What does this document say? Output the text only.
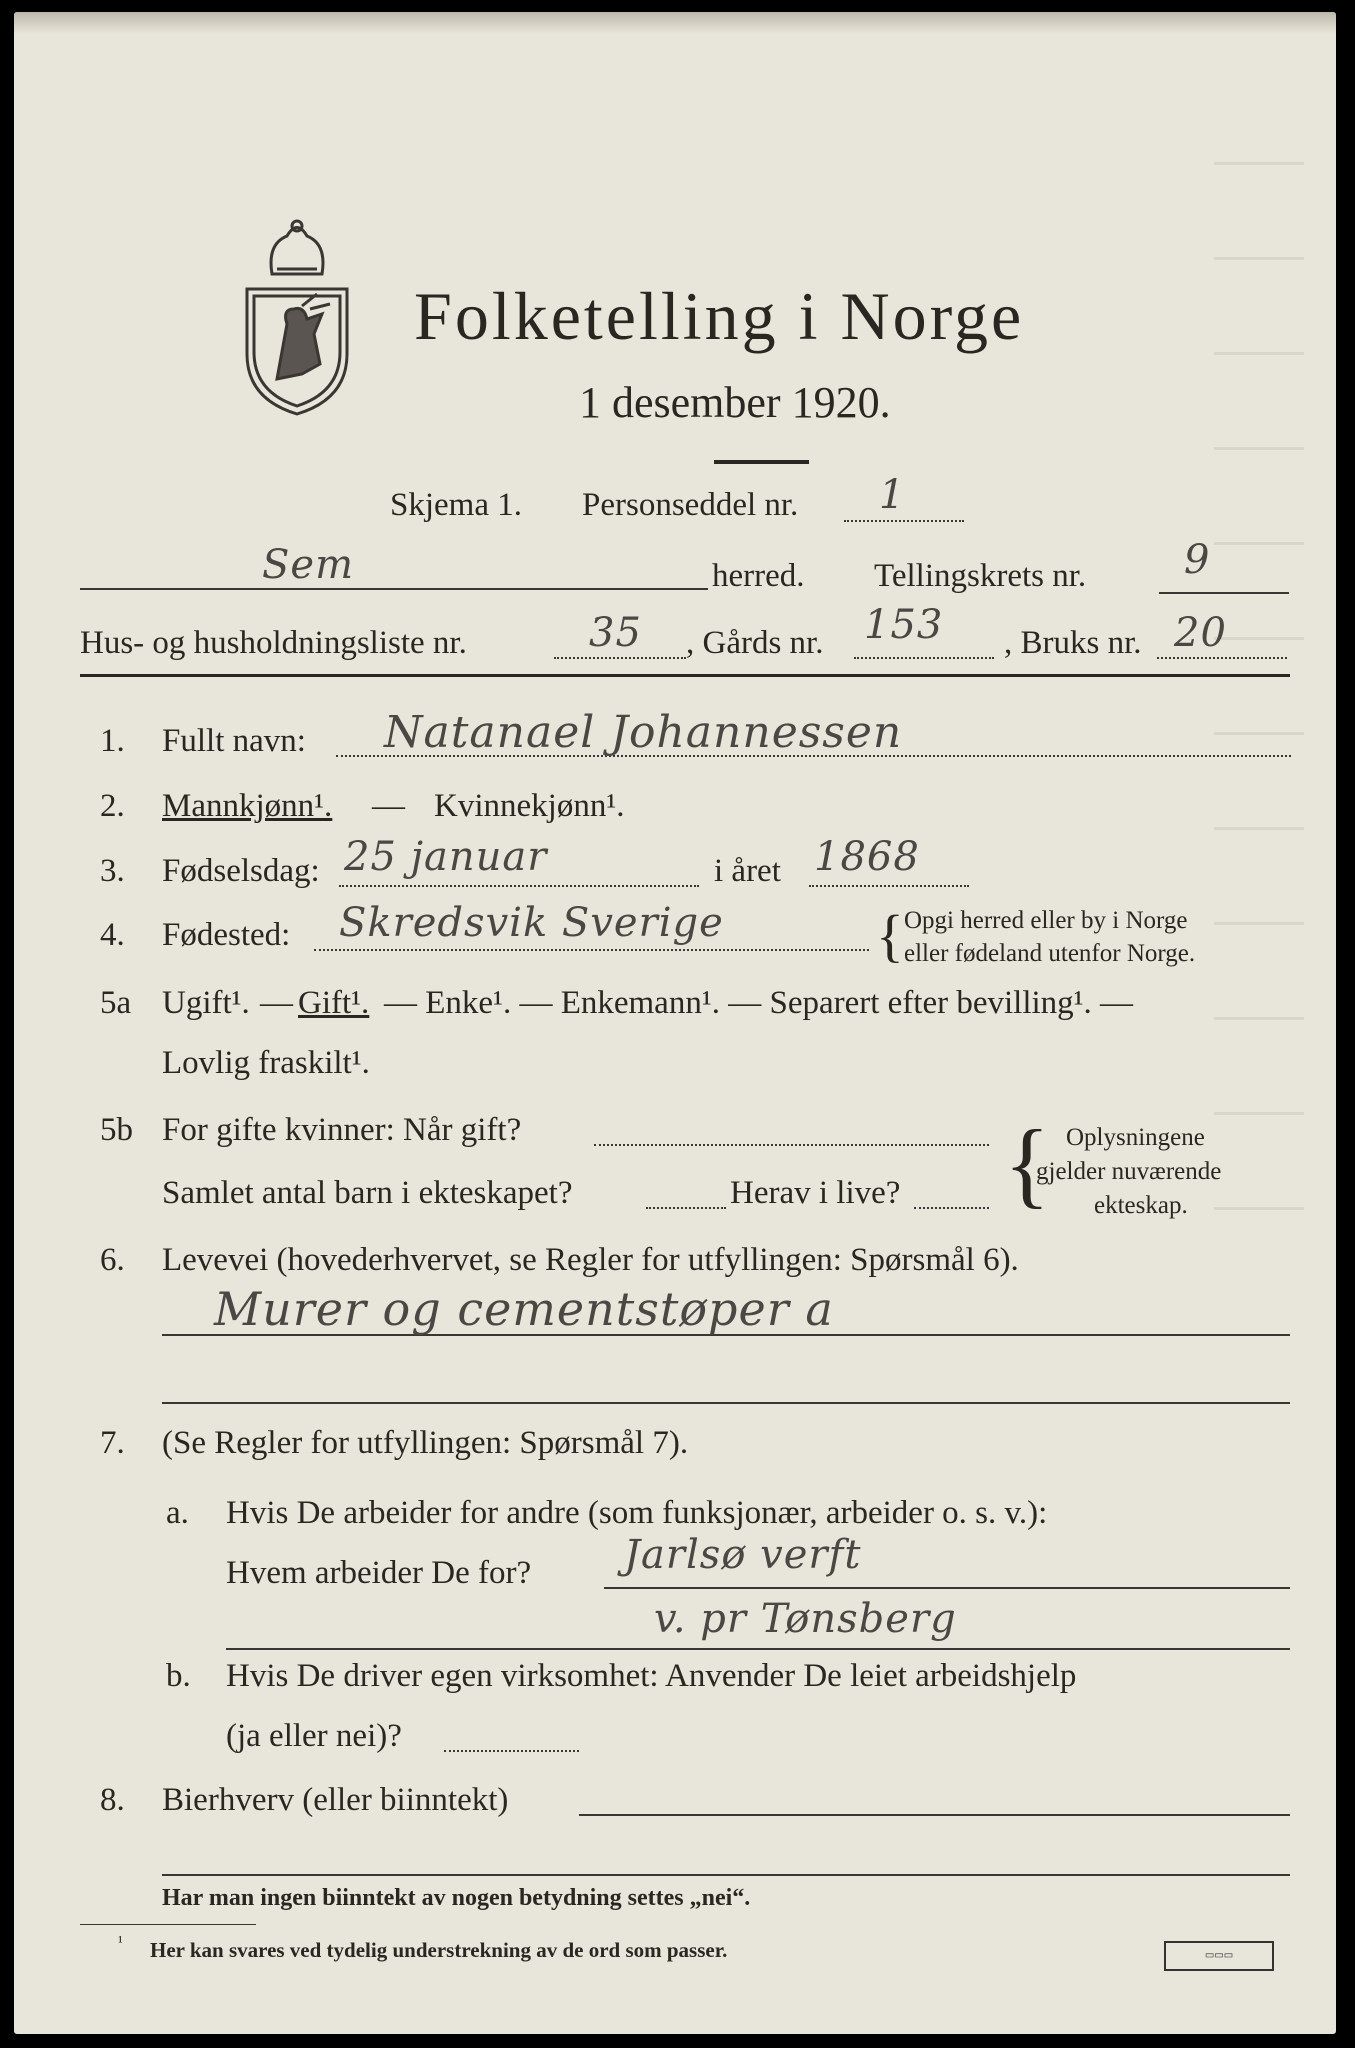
Folketelling i Norge
1 desember 1920.
Skjema 1. Personseddel nr. 1
Sem	herred. Tellingskrets nr. 9
Hus- og husholdningsliste nr.	35 , Gårds nr. 153 , Bruks nr. 20
1. Fullt navn: Natanael Johannessen
2. Mannkjønn¹. — Kvinnekjønn¹.
3. Fødselsdag: 25 januar	i året 1868
4. Fødested: Skredsvik Sverige	{ Opgi herred eller by i Norge
eller fødeland utenfor Norge.
5a Ugift¹. — Gift¹. — Enke¹. — Enkemann¹. — Separert efter bevilling¹. —
Lovlig fraskilt¹.
5b For gifte kvinner: Når gift?
Samlet antal barn i ekteskapet?	Herav i live? { Oplysningene
gjelder nuværende
ekteskap.
6. Levevei (hovederhvervet, se Regler for utfyllingen: Spørsmål 6).
Murer og cementstøper a
7. (Se Regler for utfyllingen: Spørsmål 7).
a. Hvis De arbeider for andre (som funksjonær, arbeider o. s. v.):
Hvem arbeider De for? Jarlsø verft
v. pr Tønsberg
b. Hvis De driver egen virksomhet: Anvender De leiet arbeidshjelp
(ja eller nei)?
8. Bierhverv (eller biinntekt)
Har man ingen biinntekt av nogen betydning settes „nei“.
¹ Her kan svares ved tydelig understrekning av de ord som passer.	▭▭▭
